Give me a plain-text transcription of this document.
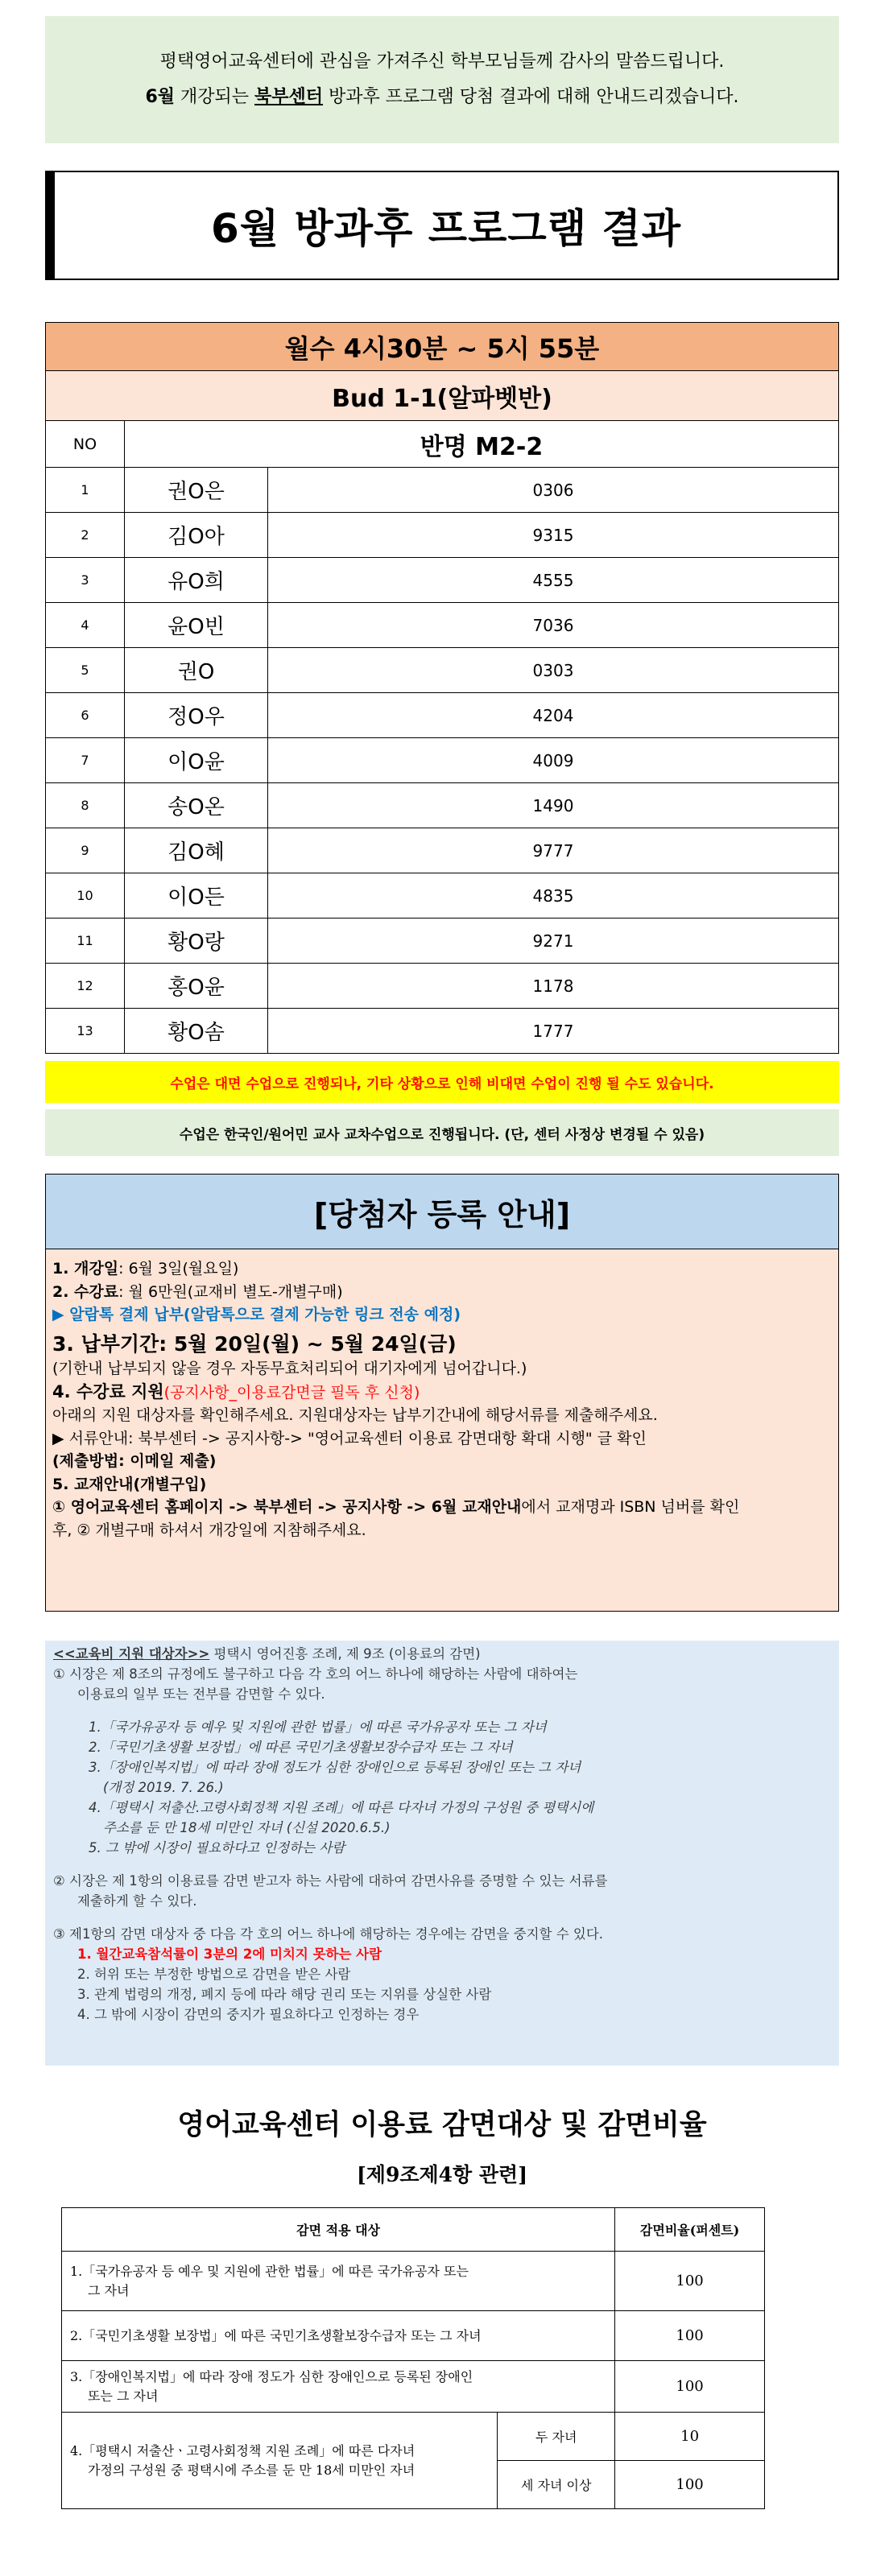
평택영어교육센터에 관심을 가져주신 학부모님들께 감사의 말씀드립니다.
6월 개강되는 북부센터 방과후 프로그램 당첨 결과에 대해 안내드리겠습니다.
6월 방과후 프로그램 결과
월수 4시30분 ~ 5시 55분		
Bud 1-1(알파벳반)		
NO	반명 M2-2	
1	권O은	0306
2	김O아	9315
3	유O희	4555
4	윤O빈	7036
5	권O	0303
6	정O우	4204
7	이O윤	4009
8	송O온	1490
9	김O혜	9777
10	이O든	4835
11	황O랑	9271
12	홍O윤	1178
13	황O솜	1777
수업은 대면 수업으로 진행되나, 기타 상황으로 인해 비대면 수업이 진행 될 수도 있습니다.
수업은 한국인/원어민 교사 교차수업으로 진행됩니다. (단, 센터 사정상 변경될 수 있음)
[당첨자 등록 안내]
1. 개강일: 6월 3일(월요일)
2. 수강료: 월 6만원(교재비 별도-개별구매)
▶ 알람톡 결제 납부(알람톡으로 결제 가능한 링크 전송 예정)
3. 납부기간: 5월 20일(월) ~ 5월 24일(금)
(기한내 납부되지 않을 경우 자동무효처리되어 대기자에게 넘어갑니다.)
4. 수강료 지원(공지사항_이용료감면글 필독 후 신청)
아래의 지원 대상자를 확인해주세요. 지원대상자는 납부기간내에 해당서류를 제출해주세요.
▶ 서류안내: 북부센터 -> 공지사항-> "영어교육센터 이용료 감면대항 확대 시행" 글 확인
(제출방법: 이메일 제출)
5. 교재안내(개별구입)
① 영어교육센터 홈페이지 -> 북부센터 -> 공지사항 -> 6월 교재안내에서 교재명과 ISBN 넘버를 확인
후, ② 개별구매 하셔서 개강일에 지참해주세요.
<<교육비 지원 대상자>> 평택시 영어진흥 조례, 제 9조 (이용료의 감면)
① 시장은 제 8조의 규정에도 불구하고 다음 각 호의 어느 하나에 해당하는 사람에 대하여는
이용료의 일부 또는 전부를 감면할 수 있다.
1.「국가유공자 등 예우 및 지원에 관한 법률」에 따른 국가유공자 또는 그 자녀
2.「국민기초생활 보장법」에 따른 국민기초생활보장수급자 또는 그 자녀
3.「장애인복지법」에 따라 장애 정도가 심한 장애인으로 등록된 장애인 또는 그 자녀
(개정 2019. 7. 26.)
4.「평택시 저출산.고령사회정책 지원 조례」에 따른 다자녀 가정의 구성원 중 평택시에
주소를 둔 만 18세 미만인 자녀 (신설 2020.6.5.)
5. 그 밖에 시장이 필요하다고 인정하는 사람
② 시장은 제 1항의 이용료를 감면 받고자 하는 사람에 대하여 감면사유를 증명할 수 있는 서류를
제출하게 할 수 있다.
③ 제1항의 감면 대상자 중 다음 각 호의 어느 하나에 해당하는 경우에는 감면을 중지할 수 있다.
1. 월간교육참석률이 3분의 2에 미치지 못하는 사람
2. 허위 또는 부정한 방법으로 감면을 받은 사람
3. 관계 법령의 개정, 폐지 등에 따라 해당 권리 또는 지위를 상실한 사람
4. 그 밖에 시장이 감면의 중지가 필요하다고 인정하는 경우
영어교육센터 이용료 감면대상 및 감면비율
[제9조제4항 관련]
감면 적용 대상		감면비율(퍼센트)

1.「국가유공자 등 예우 및 지원에 관한 법률」에 따른 국가유공자 또는
그 자녀		100
2.「국민기초생활 보장법」에 따른 국민기초생활보장수급자 또는 그 자녀		100

3.「장애인복지법」에 따라 장애 정도가 심한 장애인으로 등록된 장애인
또는 그 자녀		100

4.「평택시 저출산ㆍ고령사회정책 지원 조례」에 따른 다자녀
가정의 구성원 중 평택시에 주소를 둔 만 18세 미만인 자녀	두 자녀	10
	세 자녀 이상	100
